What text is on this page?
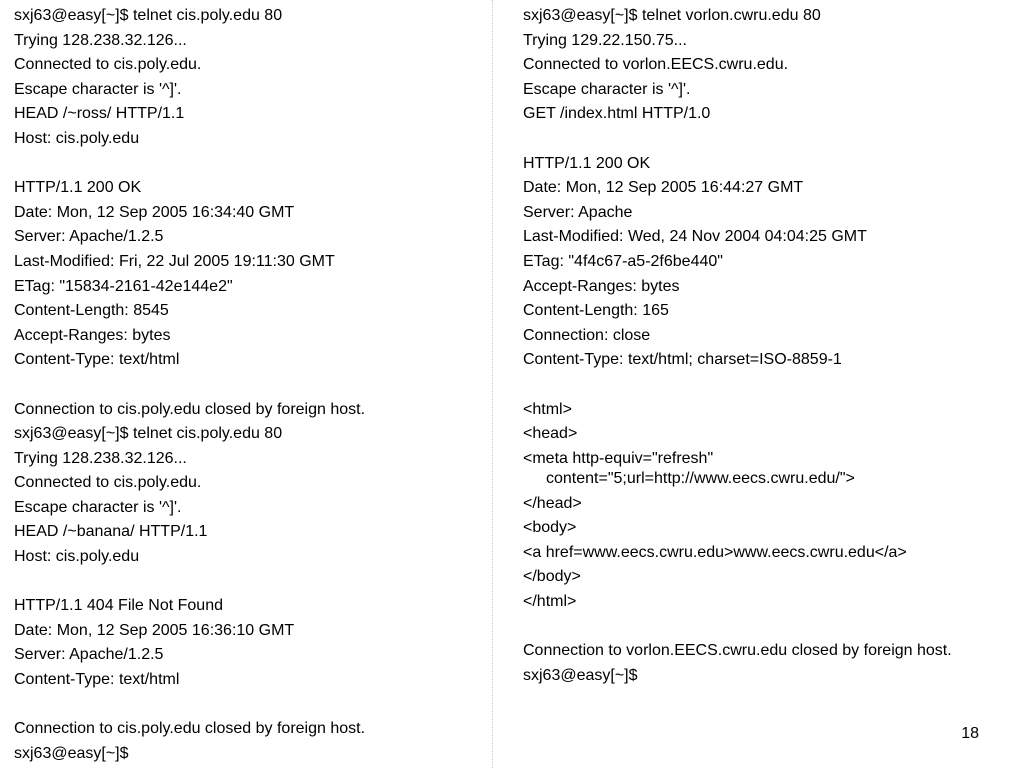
sxj63@easy[~]$ telnet cis.poly.edu 80
Trying 128.238.32.126...
Connected to cis.poly.edu.
Escape character is '^]'.
HEAD /~ross/ HTTP/1.1
Host: cis.poly.edu
HTTP/1.1 200 OK
Date: Mon, 12 Sep 2005 16:34:40 GMT
Server: Apache/1.2.5
Last-Modified: Fri, 22 Jul 2005 19:11:30 GMT
ETag: "15834-2161-42e144e2"
Content-Length: 8545
Accept-Ranges: bytes
Content-Type: text/html
Connection to cis.poly.edu closed by foreign host.
sxj63@easy[~]$ telnet cis.poly.edu 80
Trying 128.238.32.126...
Connected to cis.poly.edu.
Escape character is '^]'.
HEAD /~banana/ HTTP/1.1
Host: cis.poly.edu
HTTP/1.1 404 File Not Found
Date: Mon, 12 Sep 2005 16:36:10 GMT
Server: Apache/1.2.5
Content-Type: text/html
Connection to cis.poly.edu closed by foreign host.
sxj63@easy[~]$
sxj63@easy[~]$ telnet vorlon.cwru.edu 80
Trying 129.22.150.75...
Connected to vorlon.EECS.cwru.edu.
Escape character is '^]'.
GET /index.html HTTP/1.0
HTTP/1.1 200 OK
Date: Mon, 12 Sep 2005 16:44:27 GMT
Server: Apache
Last-Modified: Wed, 24 Nov 2004 04:04:25 GMT
ETag: "4f4c67-a5-2f6be440"
Accept-Ranges: bytes
Content-Length: 165
Connection: close
Content-Type: text/html; charset=ISO-8859-1
<html>
<head>
<meta http-equiv="refresh"
content="5;url=http://www.eecs.cwru.edu/">
</head>
<body>
<a href=www.eecs.cwru.edu>www.eecs.cwru.edu</a>
</body>
</html>
Connection to vorlon.EECS.cwru.edu closed by foreign host.
sxj63@easy[~]$
18
